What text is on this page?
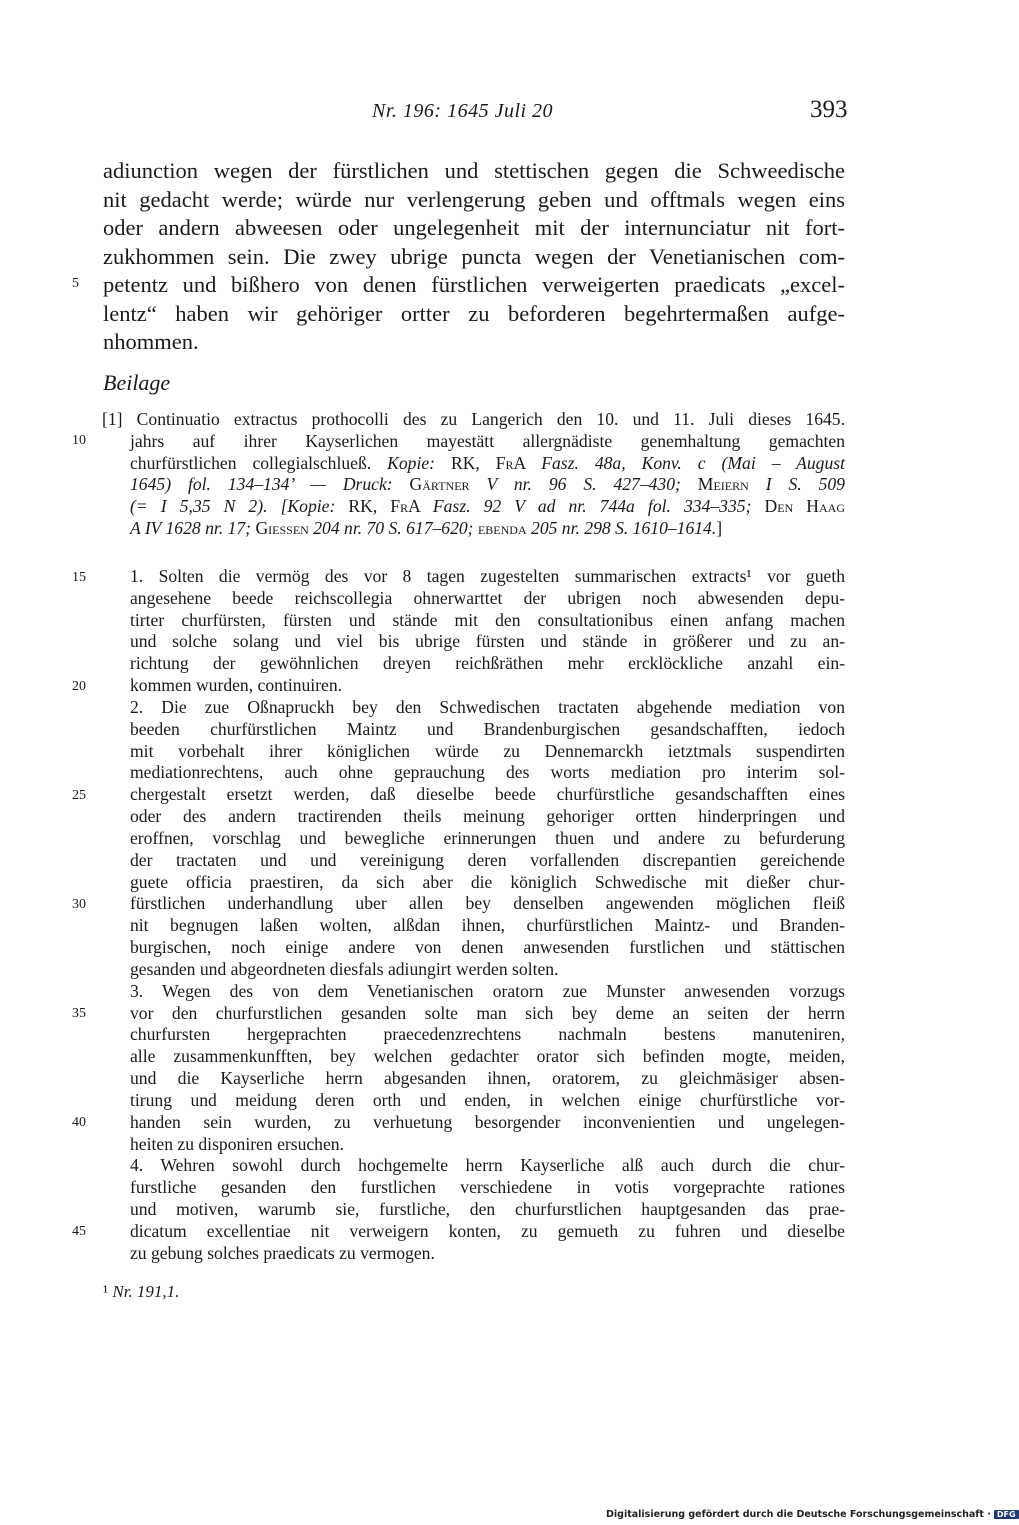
Nr. 196: 1645 Juli 20	393
adiunction wegen der fürstlichen und stettischen gegen die Schweedische
nit gedacht werde; würde nur verlengerung geben und offtmals wegen eins
oder andern abweesen oder ungelegenheit mit der internunciatur nit fort-
zukhommen sein. Die zwey ubrige puncta wegen der Venetianischen com-
petentz und bißhero von denen fürstlichen verweigerten praedicats „excel-
lentz“ haben wir gehöriger ortter zu beforderen begehrtermaßen aufge-
nhommen.
Beilage
[1] Continuatio extractus prothocolli des zu Langerich den 10. und 11. Juli dieses 1645.
jahrs auf ihrer Kayserlichen mayestätt allergnädiste genemhaltung gemachten
churfürstlichen collegialschlueß. Kopie: RK, FrA Fasz. 48a, Konv. c (Mai – August
1645) fol. 134–134’ — Druck: Gärtner V nr. 96 S. 427–430; Meiern I S. 509
(= I 5,35 N 2). [Kopie: RK, FrA Fasz. 92 V ad nr. 744a fol. 334–335; Den Haag
A IV 1628 nr. 17; Giessen 204 nr. 70 S. 617–620; ebenda 205 nr. 298 S. 1610–1614.]
5
10
15
20
25
30
35
40
45
1. Solten die vermög des vor 8 tagen zugestelten summarischen extracts¹ vor gueth
angesehene beede reichscollegia ohnerwarttet der ubrigen noch abwesenden depu-
tirter churfürsten, fürsten und stände mit den consultationibus einen anfang machen
und solche solang und viel bis ubrige fürsten und stände in größerer und zu an-
richtung der gewöhnlichen dreyen reichßräthen mehr ercklöckliche anzahl ein-
kommen wurden, continuiren.
2. Die zue Oßnapruckh bey den Schwedischen tractaten abgehende mediation von
beeden churfürstlichen Maintz und Brandenburgischen gesandschafften, iedoch
mit vorbehalt ihrer königlichen würde zu Dennemarckh ietztmals suspendirten
mediationrechtens, auch ohne geprauchung des worts mediation pro interim sol-
chergestalt ersetzt werden, daß dieselbe beede churfürstliche gesandschafften eines
oder des andern tractirenden theils meinung gehoriger ortten hinderpringen und
eroffnen, vorschlag und bewegliche erinnerungen thuen und andere zu befurderung
der tractaten und und vereinigung deren vorfallenden discrepantien gereichende
guete officia praestiren, da sich aber die königlich Schwedische mit dießer chur-
fürstlichen underhandlung uber allen bey denselben angewenden möglichen fleiß
nit begnugen laßen wolten, alßdan ihnen, churfürstlichen Maintz- und Branden-
burgischen, noch einige andere von denen anwesenden furstlichen und stättischen
gesanden und abgeordneten diesfals adiungirt werden solten.
3. Wegen des von dem Venetianischen oratorn zue Munster anwesenden vorzugs
vor den churfurstlichen gesanden solte man sich bey deme an seiten der herrn
churfursten hergeprachten praecedenzrechtens nachmaln bestens manuteniren,
alle zusammenkunfften, bey welchen gedachter orator sich befinden mogte, meiden,
und die Kayserliche herrn abgesanden ihnen, oratorem, zu gleichmäsiger absen-
tirung und meidung deren orth und enden, in welchen einige churfürstliche vor-
handen sein wurden, zu verhuetung besorgender inconvenientien und ungelegen-
heiten zu disponiren ersuchen.
4. Wehren sowohl durch hochgemelte herrn Kayserliche alß auch durch die chur-
furstliche gesanden den furstlichen verschiedene in votis vorgeprachte rationes
und motiven, warumb sie, furstliche, den churfurstlichen hauptgesanden das prae-
dicatum excellentiae nit verweigern konten, zu gemueth zu fuhren und dieselbe
zu gebung solches praedicats zu vermogen.
¹ Nr. 191,1.
Digitalisierung gefördert durch die Deutsche Forschungsgemeinschaft · DFG
